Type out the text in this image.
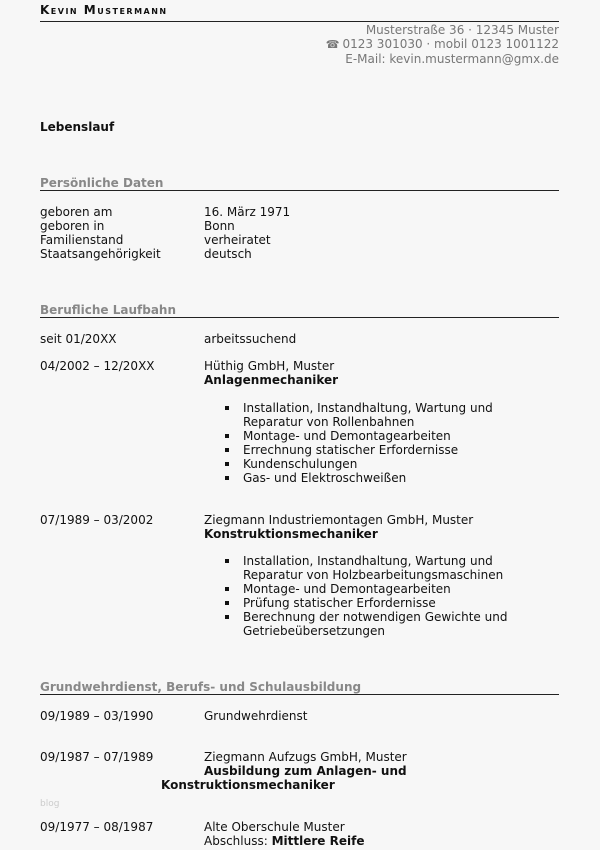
Kevin Mustermann
Musterstraße 36 · 12345 Muster
☎ 0123 301030 · mobil 0123 1001122
E-Mail: kevin.mustermann@gmx.de
Lebenslauf
Persönliche Daten
geboren am	16. März 1971
geboren in	Bonn
Familienstand	verheiratet
Staatsangehörigkeit	deutsch
Berufliche Laufbahn
seit 01/20XX	arbeitssuchend
04/2002 – 12/20XX	Hüthig GmbH, Muster
Anlagenmechaniker
Installation, Instandhaltung, Wartung und Reparatur von Rollenbahnen
Montage- und Demontagearbeiten
Errechnung statischer Erfordernisse
Kundenschulungen
Gas- und Elektroschweißen
07/1989 – 03/2002	Ziegmann Industriemontagen GmbH, Muster
Konstruktionsmechaniker
Installation, Instandhaltung, Wartung und Reparatur von Holzbearbeitungsmaschinen
Montage- und Demontagearbeiten
Prüfung statischer Erfordernisse
Berechnung der notwendigen Gewichte und Getriebeübersetzungen
Grundwehrdienst, Berufs- und Schulausbildung
09/1989 – 03/1990	Grundwehrdienst
09/1987 – 07/1989	Ziegmann Aufzugs GmbH, Muster
Ausbildung zum Anlagen- und
Konstruktionsmechaniker
blog
09/1977 – 08/1987	Alte Oberschule Muster
Abschluss: Mittlere Reife
